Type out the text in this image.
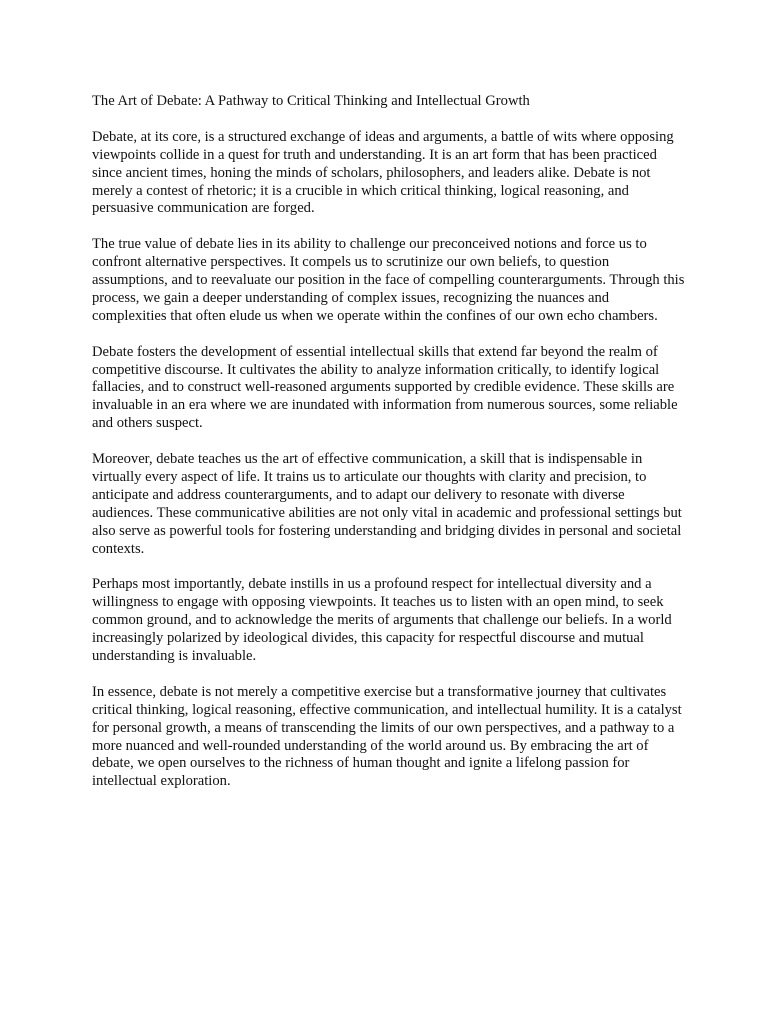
The Art of Debate: A Pathway to Critical Thinking and Intellectual Growth

Debate, at its core, is a structured exchange of ideas and arguments, a battle of wits where opposing viewpoints collide in a quest for truth and understanding. It is an art form that has been practiced since ancient times, honing the minds of scholars, philosophers, and leaders alike. Debate is not merely a contest of rhetoric; it is a crucible in which critical thinking, logical reasoning, and persuasive communication are forged.

The true value of debate lies in its ability to challenge our preconceived notions and force us to confront alternative perspectives. It compels us to scrutinize our own beliefs, to question assumptions, and to reevaluate our position in the face of compelling counterarguments. Through this process, we gain a deeper understanding of complex issues, recognizing the nuances and complexities that often elude us when we operate within the confines of our own echo chambers.

Debate fosters the development of essential intellectual skills that extend far beyond the realm of competitive discourse. It cultivates the ability to analyze information critically, to identify logical fallacies, and to construct well-reasoned arguments supported by credible evidence. These skills are invaluable in an era where we are inundated with information from numerous sources, some reliable and others suspect.

Moreover, debate teaches us the art of effective communication, a skill that is indispensable in virtually every aspect of life. It trains us to articulate our thoughts with clarity and precision, to anticipate and address counterarguments, and to adapt our delivery to resonate with diverse audiences. These communicative abilities are not only vital in academic and professional settings but also serve as powerful tools for fostering understanding and bridging divides in personal and societal contexts.

Perhaps most importantly, debate instills in us a profound respect for intellectual diversity and a willingness to engage with opposing viewpoints. It teaches us to listen with an open mind, to seek common ground, and to acknowledge the merits of arguments that challenge our beliefs. In a world increasingly polarized by ideological divides, this capacity for respectful discourse and mutual understanding is invaluable.

In essence, debate is not merely a competitive exercise but a transformative journey that cultivates critical thinking, logical reasoning, effective communication, and intellectual humility. It is a catalyst for personal growth, a means of transcending the limits of our own perspectives, and a pathway to a more nuanced and well-rounded understanding of the world around us. By embracing the art of debate, we open ourselves to the richness of human thought and ignite a lifelong passion for intellectual exploration.
